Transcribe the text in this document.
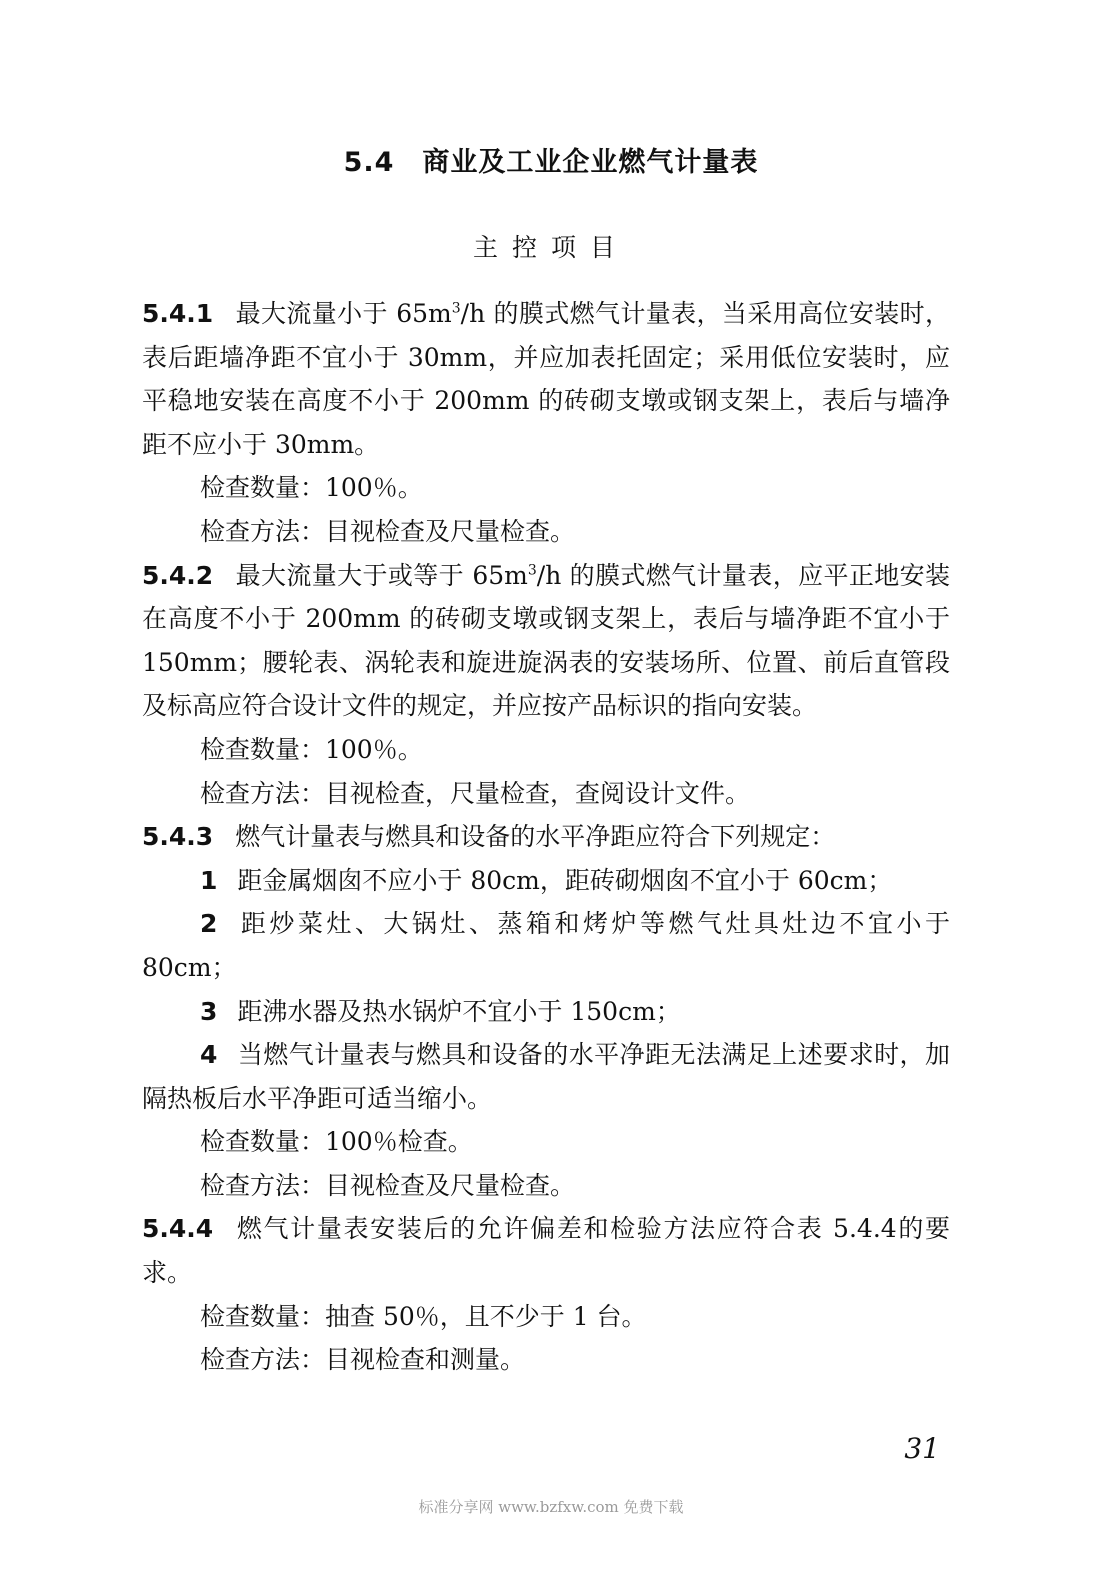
5.4 商业及工业企业燃气计量表
主控项目

5.4.1 最大流量小于 $65m^3/h$ 的膜式燃气计量表，当采用高位安装时，表后距墙净距不宜小于 30mm，并应加表托固定；采用低位安装时，应平稳地安装在高度不小于 200mm 的砖砌支墩或钢支架上，表后与墙净距不应小于 30mm。

检查数量：100％。

检查方法：目视检查及尺量检查。

5.4.2 最大流量大于或等于 $65m^3/h$ 的膜式燃气计量表，应平正地安装在高度不小于 200mm 的砖砌支墩或钢支架上，表后与墙净距不宜小于 150mm；腰轮表、涡轮表和旋进旋涡表的安装场所、位置、前后直管段及标高应符合设计文件的规定，并应按产品标识的指向安装。

检查数量：100％。

检查方法：目视检查，尺量检查，查阅设计文件。

5.4.3 燃气计量表与燃具和设备的水平净距应符合下列规定：

1 距金属烟囱不应小于 80cm，距砖砌烟囱不宜小于 60cm；

2 距炒菜灶、大锅灶、蒸箱和烤炉等燃气灶具灶边不宜小于 80cm；

3 距沸水器及热水锅炉不宜小于 150cm；

4 当燃气计量表与燃具和设备的水平净距无法满足上述要求时，加隔热板后水平净距可适当缩小。

检查数量：100％检查。

检查方法：目视检查及尺量检查。

5.4.4 燃气计量表安装后的允许偏差和检验方法应符合表 5.4.4的要求。

检查数量：抽查 50％，且不少于 1 台。

检查方法：目视检查和测量。

31
标准分享网 www.bzfxw.com 免费下载
